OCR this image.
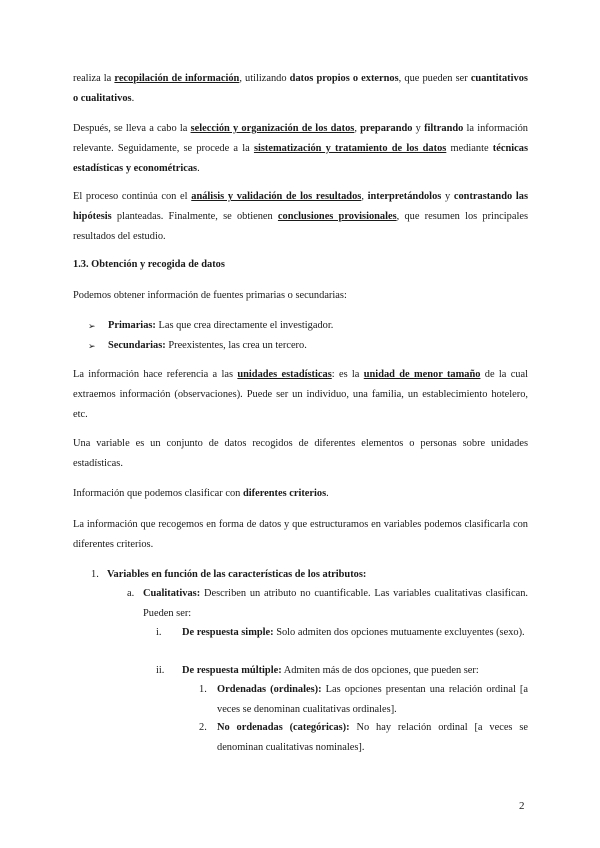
realiza la recopilación de información, utilizando datos propios o externos, que pueden ser cuantitativos o cualitativos.
Después, se lleva a cabo la selección y organización de los datos, preparando y filtrando la información relevante. Seguidamente, se procede a la sistematización y tratamiento de los datos mediante técnicas estadísticas y econométricas.
El proceso continúa con el análisis y validación de los resultados, interpretándolos y contrastando las hipótesis planteadas. Finalmente, se obtienen conclusiones provisionales, que resumen los principales resultados del estudio.
1.3. Obtención y recogida de datos
Podemos obtener información de fuentes primarias o secundarias:
➢ Primarias: Las que crea directamente el investigador.
➢ Secundarias: Preexistentes, las crea un tercero.
La información hace referencia a las unidades estadísticas: es la unidad de menor tamaño de la cual extraemos información (observaciones). Puede ser un individuo, una familia, un establecimiento hotelero, etc.
Una variable es un conjunto de datos recogidos de diferentes elementos o personas sobre unidades estadísticas.
Información que podemos clasificar con diferentes criterios.
La información que recogemos en forma de datos y que estructuramos en variables podemos clasificarla con diferentes criterios.
1. Variables en función de las características de los atributos:
a. Cualitativas: Describen un atributo no cuantificable. Las variables cualitativas clasifican. Pueden ser:
i. De respuesta simple: Solo admiten dos opciones mutuamente excluyentes (sexo).
ii. De respuesta múltiple: Admiten más de dos opciones, que pueden ser:
1. Ordenadas (ordinales): Las opciones presentan una relación ordinal [a veces se denominan cualitativas ordinales].
2. No ordenadas (categóricas): No hay relación ordinal [a veces se denominan cualitativas nominales].
2
